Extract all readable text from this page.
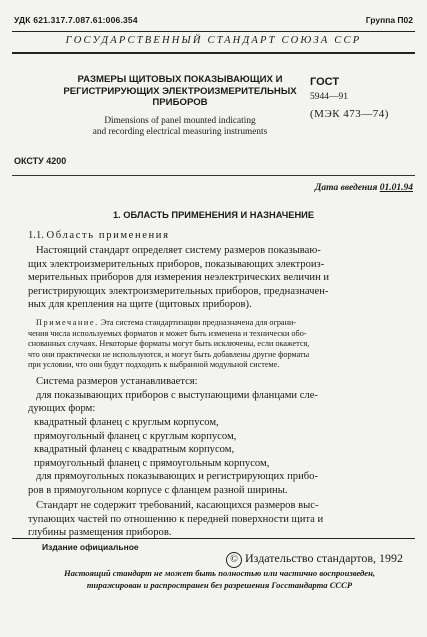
УДК 621.317.7.087.61:006.354	Группа П02
ГОСУДАРСТВЕННЫЙ СТАНДАРТ СОЮЗА ССР
РАЗМЕРЫ ЩИТОВЫХ ПОКАЗЫВАЮЩИХ И
РЕГИСТРИРУЮЩИХ ЭЛЕКТРОИЗМЕРИТЕЛЬНЫХ
ПРИБОРОВ
Dimensions of panel mounted indicating
and recording electrical measuring instruments
ГОСТ
5944—91
(МЭК 473—74)
ОКСТУ 4200
Дата введения 01.01.94
1. ОБЛАСТЬ ПРИМЕНЕНИЯ И НАЗНАЧЕНИЕ
1.1. Область применения
Настоящий стандарт определяет систему размеров показываю-
щих электроизмерительных приборов, показывающих электроиз-
мерительных приборов для измерения неэлектрических величин и
регистрирующих электроизмерительных приборов, предназначен-
ных для крепления на щите (щитовых приборов).
Примечание. Эта система стандартизации предназначена для ограни-
чения числа используемых форматов и может быть изменена и технически обо-
снованных случаях. Некоторые форматы могут быть исключены, если окажется,
что они практически не используются, и могут быть добавлены другие форматы
при условии, что они будут подходить к выбранной модульной системе.
Система размеров устанавливается:
для показывающих приборов с выступающими фланцами сле-
дующих форм:
квадратный фланец с круглым корпусом,
прямоугольный фланец с круглым корпусом,
квадратный фланец с квадратным корпусом,
прямоугольный фланец с прямоугольным корпусом,
для прямоугольных показывающих и регистрирующих прибо-
ров в прямоугольном корпусе с фланцем разной ширины.
Стандарт не содержит требований, касающихся размеров выс-
тупающих частей по отношению к передней поверхности щита и
глубины размещения приборов.
Издание официальное
© Издательство стандартов, 1992
Настоящий стандарт не может быть полностью или частично воспроизведен,
тиражирован и распространен без разрешения Госстандарта СССР
